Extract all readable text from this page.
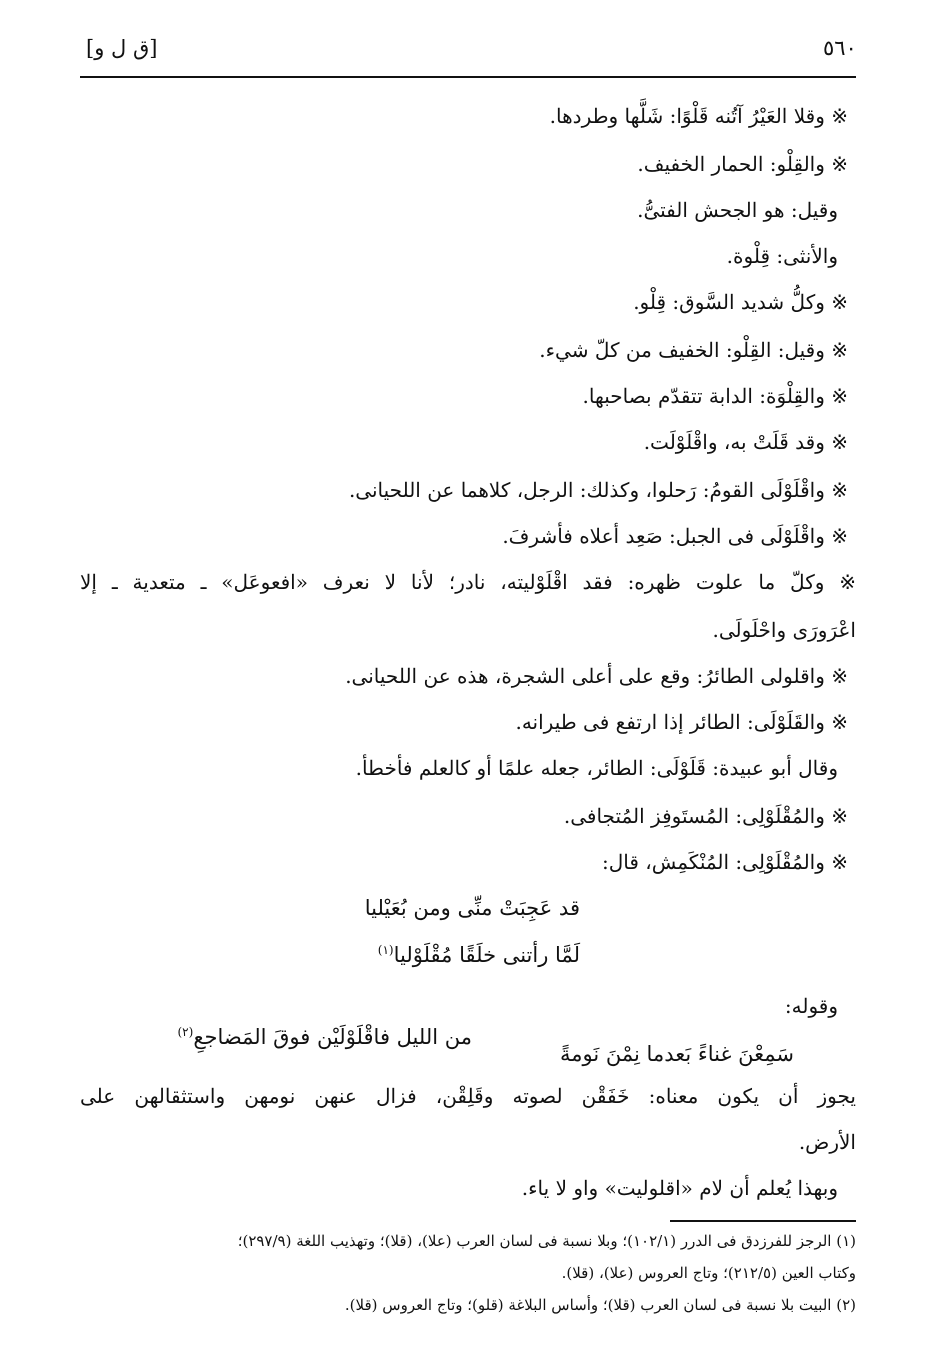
[ق ل و]	٥٦٠
※ وقلا العَيْرُ آتُنه قَلْوًا: شَلَّها وطردها.
※ والقِلْو: الحمار الخفيف.
وقيل: هو الجحش الفتىُّ.
والأنثى: قِلْوة.
※ وكلُّ شديد السَّوق: قِلْو.
※ وقيل: القِلْو: الخفيف من كلّ شيء.
※ والقِلْوَة: الدابة تتقدّم بصاحبها.
※ وقد قَلَتْ به، واقْلَوْلَت.
※ واقْلَوْلَى القومُ: رَحلوا، وكذلك: الرجل، كلاهما عن اللحيانى.
※ واقْلَوْلَى فى الجبل: صَعِد أعلاه فأشرفَ.
※ وكلّ ما علوت ظهره: فقد اقْلَوْليته، نادر؛ لأنا لا نعرف «افعوعَل» ـ متعدية ـ إلا
اعْرَورَى واحْلَولَى.
※ واقلولى الطائرُ: وقع على أعلى الشجرة، هذه عن اللحيانى.
※ والقَلَوْلَى: الطائر إذا ارتفع فى طيرانه.
وقال أبو عبيدة: قَلَوْلَى: الطائر، جعله علمًا أو كالعلم فأخطأ.
※ والمُقْلَوْلِى: المُستَوفِز المُتجافى.
※ والمُقْلَوْلِى: المُنْكَمِش، قال:
قد عَجِبَتْ منِّى ومن بُعَيْليا
لَمَّا رأتنى خلَقًا مُقْلَوْليا$^{(١)}$
وقوله:
سَمِعْنَ غناءً بَعدما نِمْنَ نَومةً
من الليل فاقْلَوْلَيْن فوقَ المَضاجعِ$^{(٢)}$
يجوز أن يكون معناه: خَفَقْن لصوته وقَلِقْن، فزال عنهن نومهن واستثقالهن على
الأرض.
وبهذا يُعلم أن لام «اقلوليت» واو لا ياء.
(١) الرجز للفرزدق فى الدرر (١٠٢/١)؛ وبلا نسبة فى لسان العرب (علا)، (قلا)؛ وتهذيب اللغة (٢٩٧/٩)؛
وكتاب العين (٢١٢/٥)؛ وتاج العروس (علا)، (قلا).
(٢) البيت بلا نسبة فى لسان العرب (قلا)؛ وأساس البلاغة (قلو)؛ وتاج العروس (قلا).
